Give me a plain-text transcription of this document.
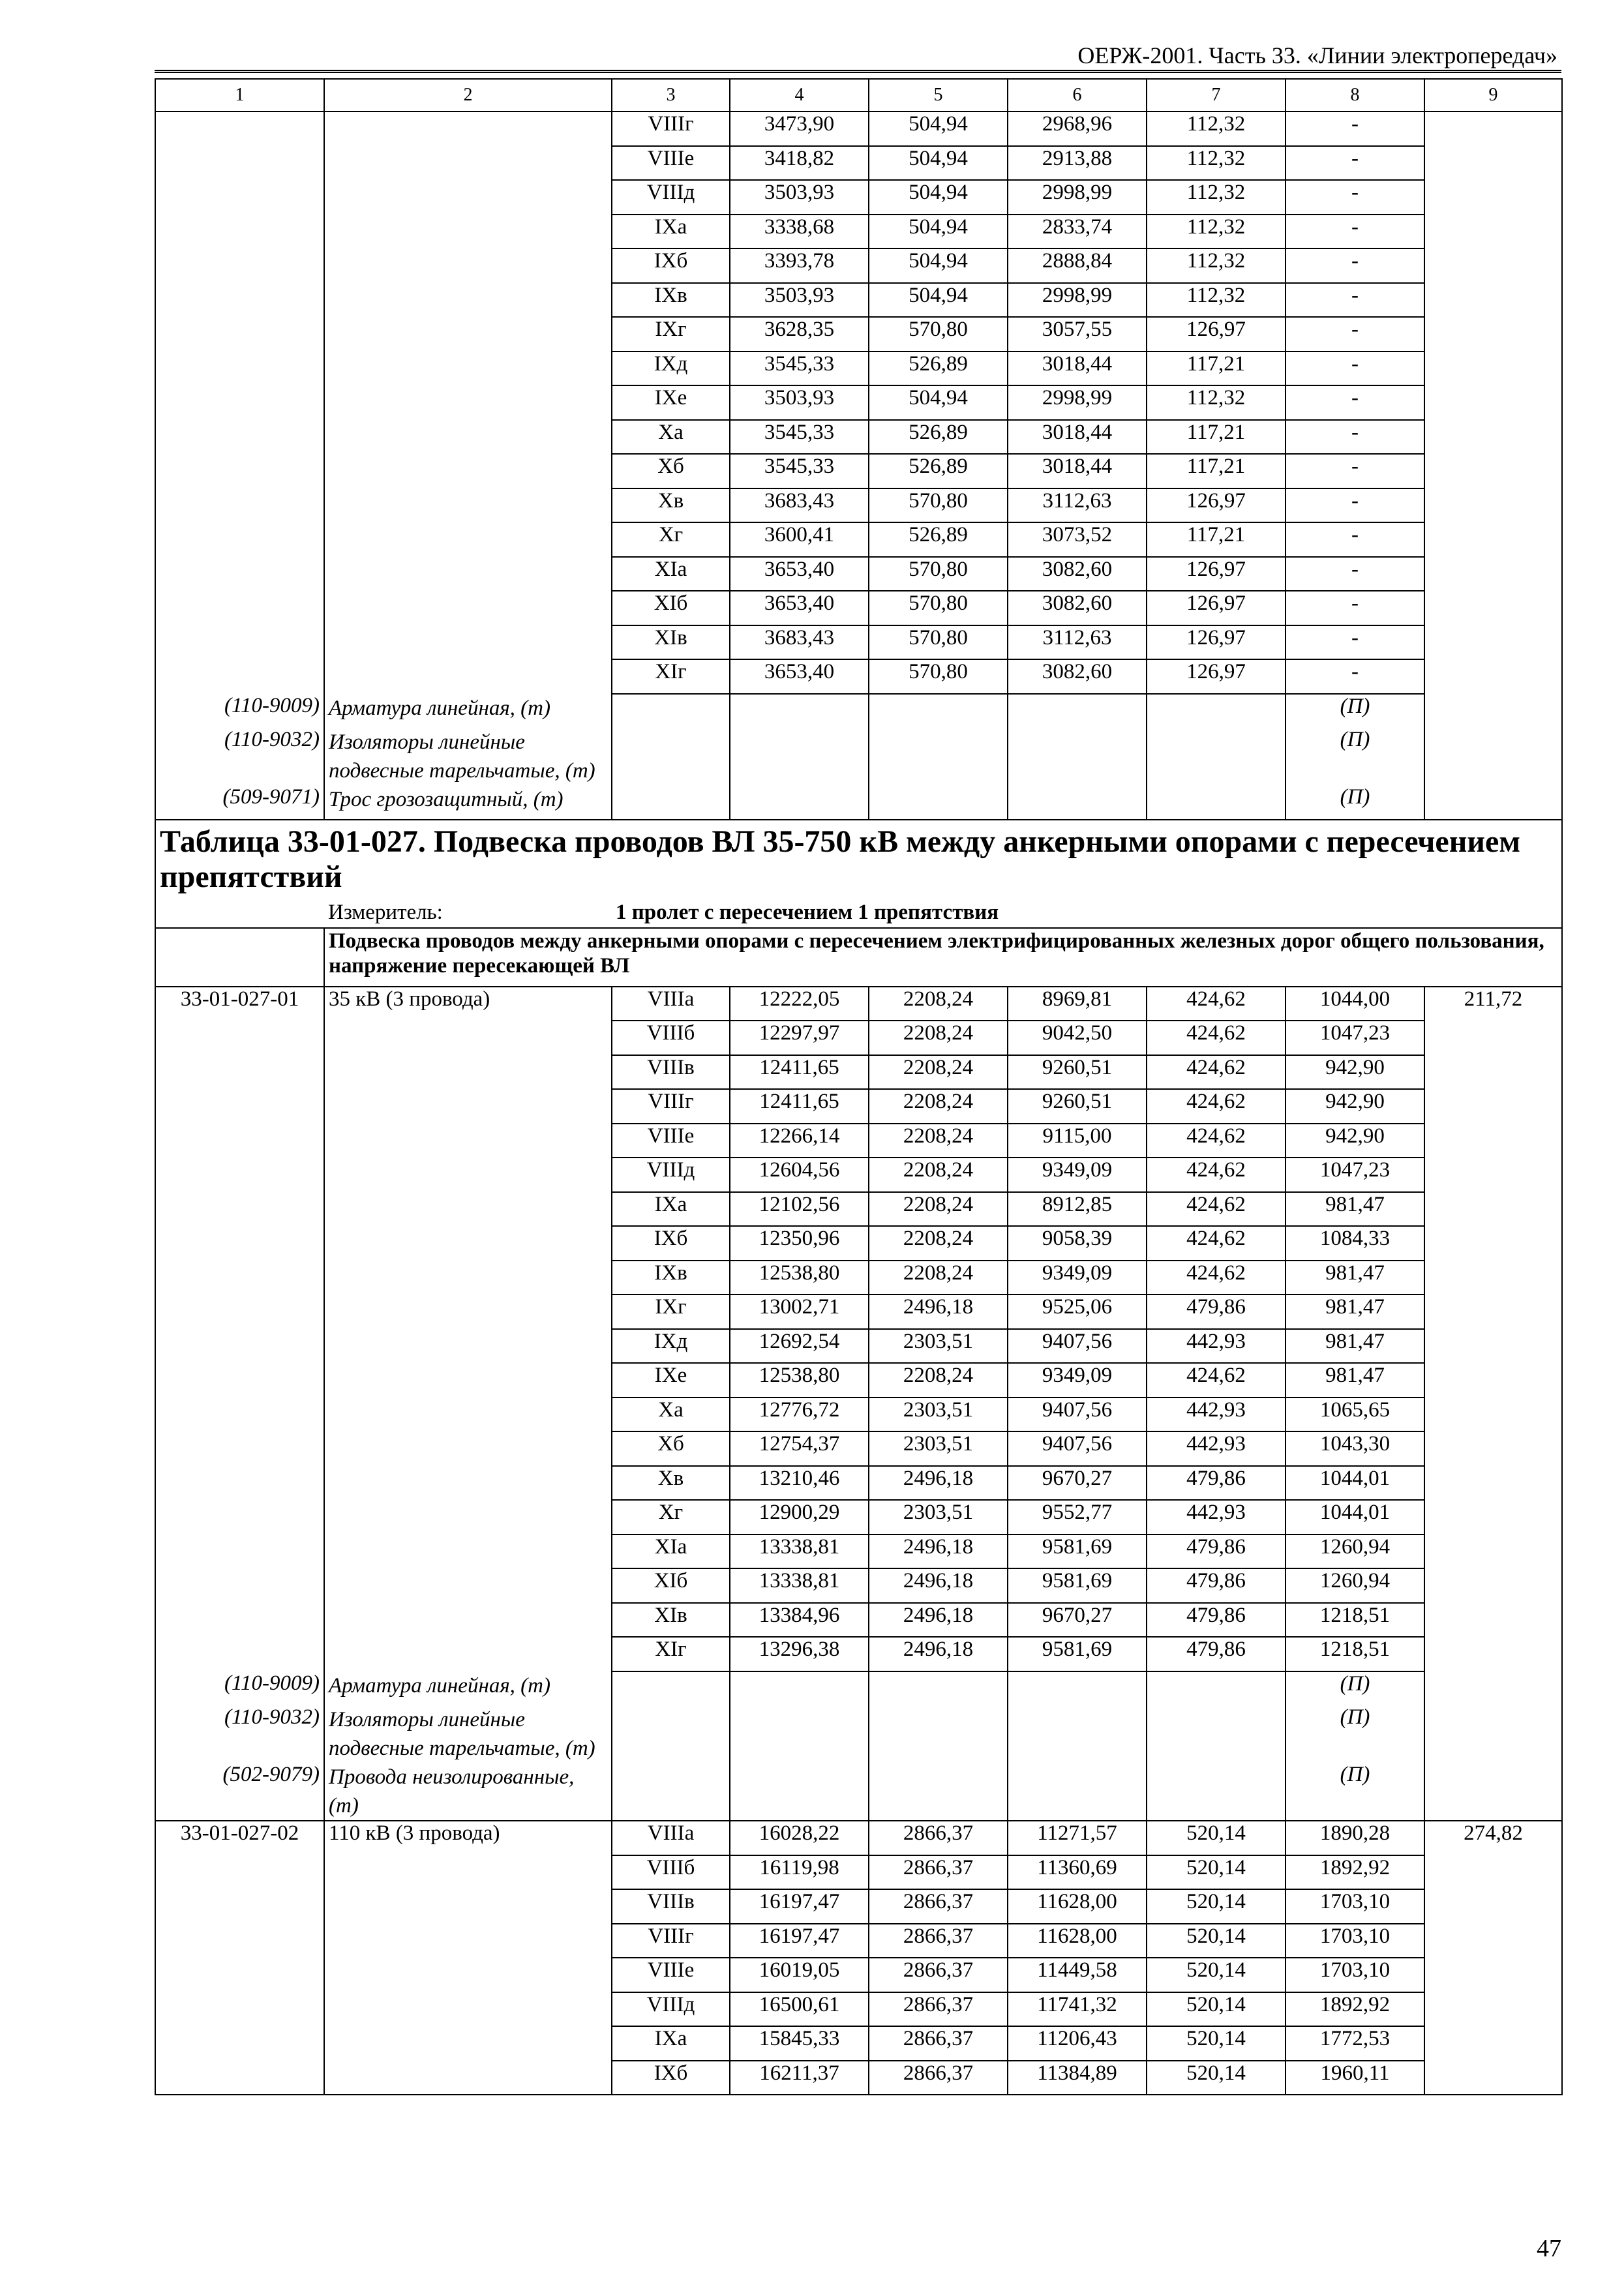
ОЕРЖ-2001. Часть 33. «Линии электропередач»
1	2	3	4	5	6	7	8	9
		VIIIг	3473,90	504,94	2968,96	112,32	-	
		VIIIе	3418,82	504,94	2913,88	112,32	-	
		VIIIд	3503,93	504,94	2998,99	112,32	-	
		IXа	3338,68	504,94	2833,74	112,32	-	
		IXб	3393,78	504,94	2888,84	112,32	-	
		IXв	3503,93	504,94	2998,99	112,32	-	
		IXг	3628,35	570,80	3057,55	126,97	-	
		IXд	3545,33	526,89	3018,44	117,21	-	
		IXе	3503,93	504,94	2998,99	112,32	-	
		Xа	3545,33	526,89	3018,44	117,21	-	
		Xб	3545,33	526,89	3018,44	117,21	-	
		Xв	3683,43	570,80	3112,63	126,97	-	
		Xг	3600,41	526,89	3073,52	117,21	-	
		XIа	3653,40	570,80	3082,60	126,97	-	
		XIб	3653,40	570,80	3082,60	126,97	-	
		XIв	3683,43	570,80	3112,63	126,97	-	
		XIг	3653,40	570,80	3082,60	126,97	-	
(110-9009)	Арматура линейная, (т)						(П)	
(110-9032)	Изоляторы линейные подвесные тарельчатые, (т)						(П)	
(509-9071)	Трос грозозащитный, (т)						(П)	
Таблица 33-01-027. Подвеска проводов ВЛ 35-750 кВ между анкерными опорами с пересечением препятствий								
	Измеритель:	1 пролет с пересечением 1 препятствия						
	Подвеска проводов между анкерными опорами с пересечением электрифицированных железных дорог общего пользования, напряжение пересекающей ВЛ							
33-01-027-01	35 кВ (3 провода)	VIIIа	12222,05	2208,24	8969,81	424,62	1044,00	211,72
		VIIIб	12297,97	2208,24	9042,50	424,62	1047,23	
		VIIIв	12411,65	2208,24	9260,51	424,62	942,90	
		VIIIг	12411,65	2208,24	9260,51	424,62	942,90	
		VIIIе	12266,14	2208,24	9115,00	424,62	942,90	
		VIIIд	12604,56	2208,24	9349,09	424,62	1047,23	
		IXа	12102,56	2208,24	8912,85	424,62	981,47	
		IXб	12350,96	2208,24	9058,39	424,62	1084,33	
		IXв	12538,80	2208,24	9349,09	424,62	981,47	
		IXг	13002,71	2496,18	9525,06	479,86	981,47	
		IXд	12692,54	2303,51	9407,56	442,93	981,47	
		IXе	12538,80	2208,24	9349,09	424,62	981,47	
		Xа	12776,72	2303,51	9407,56	442,93	1065,65	
		Xб	12754,37	2303,51	9407,56	442,93	1043,30	
		Xв	13210,46	2496,18	9670,27	479,86	1044,01	
		Xг	12900,29	2303,51	9552,77	442,93	1044,01	
		XIа	13338,81	2496,18	9581,69	479,86	1260,94	
		XIб	13338,81	2496,18	9581,69	479,86	1260,94	
		XIв	13384,96	2496,18	9670,27	479,86	1218,51	
		XIг	13296,38	2496,18	9581,69	479,86	1218,51	
(110-9009)	Арматура линейная, (т)						(П)	
(110-9032)	Изоляторы линейные подвесные тарельчатые, (т)						(П)	
(502-9079)	Провода неизолированные, (т)						(П)	
33-01-027-02	110 кВ (3 провода)	VIIIа	16028,22	2866,37	11271,57	520,14	1890,28	274,82
		VIIIб	16119,98	2866,37	11360,69	520,14	1892,92	
		VIIIв	16197,47	2866,37	11628,00	520,14	1703,10	
		VIIIг	16197,47	2866,37	11628,00	520,14	1703,10	
		VIIIе	16019,05	2866,37	11449,58	520,14	1703,10	
		VIIIд	16500,61	2866,37	11741,32	520,14	1892,92	
		IXа	15845,33	2866,37	11206,43	520,14	1772,53	
		IXб	16211,37	2866,37	11384,89	520,14	1960,11	
47
